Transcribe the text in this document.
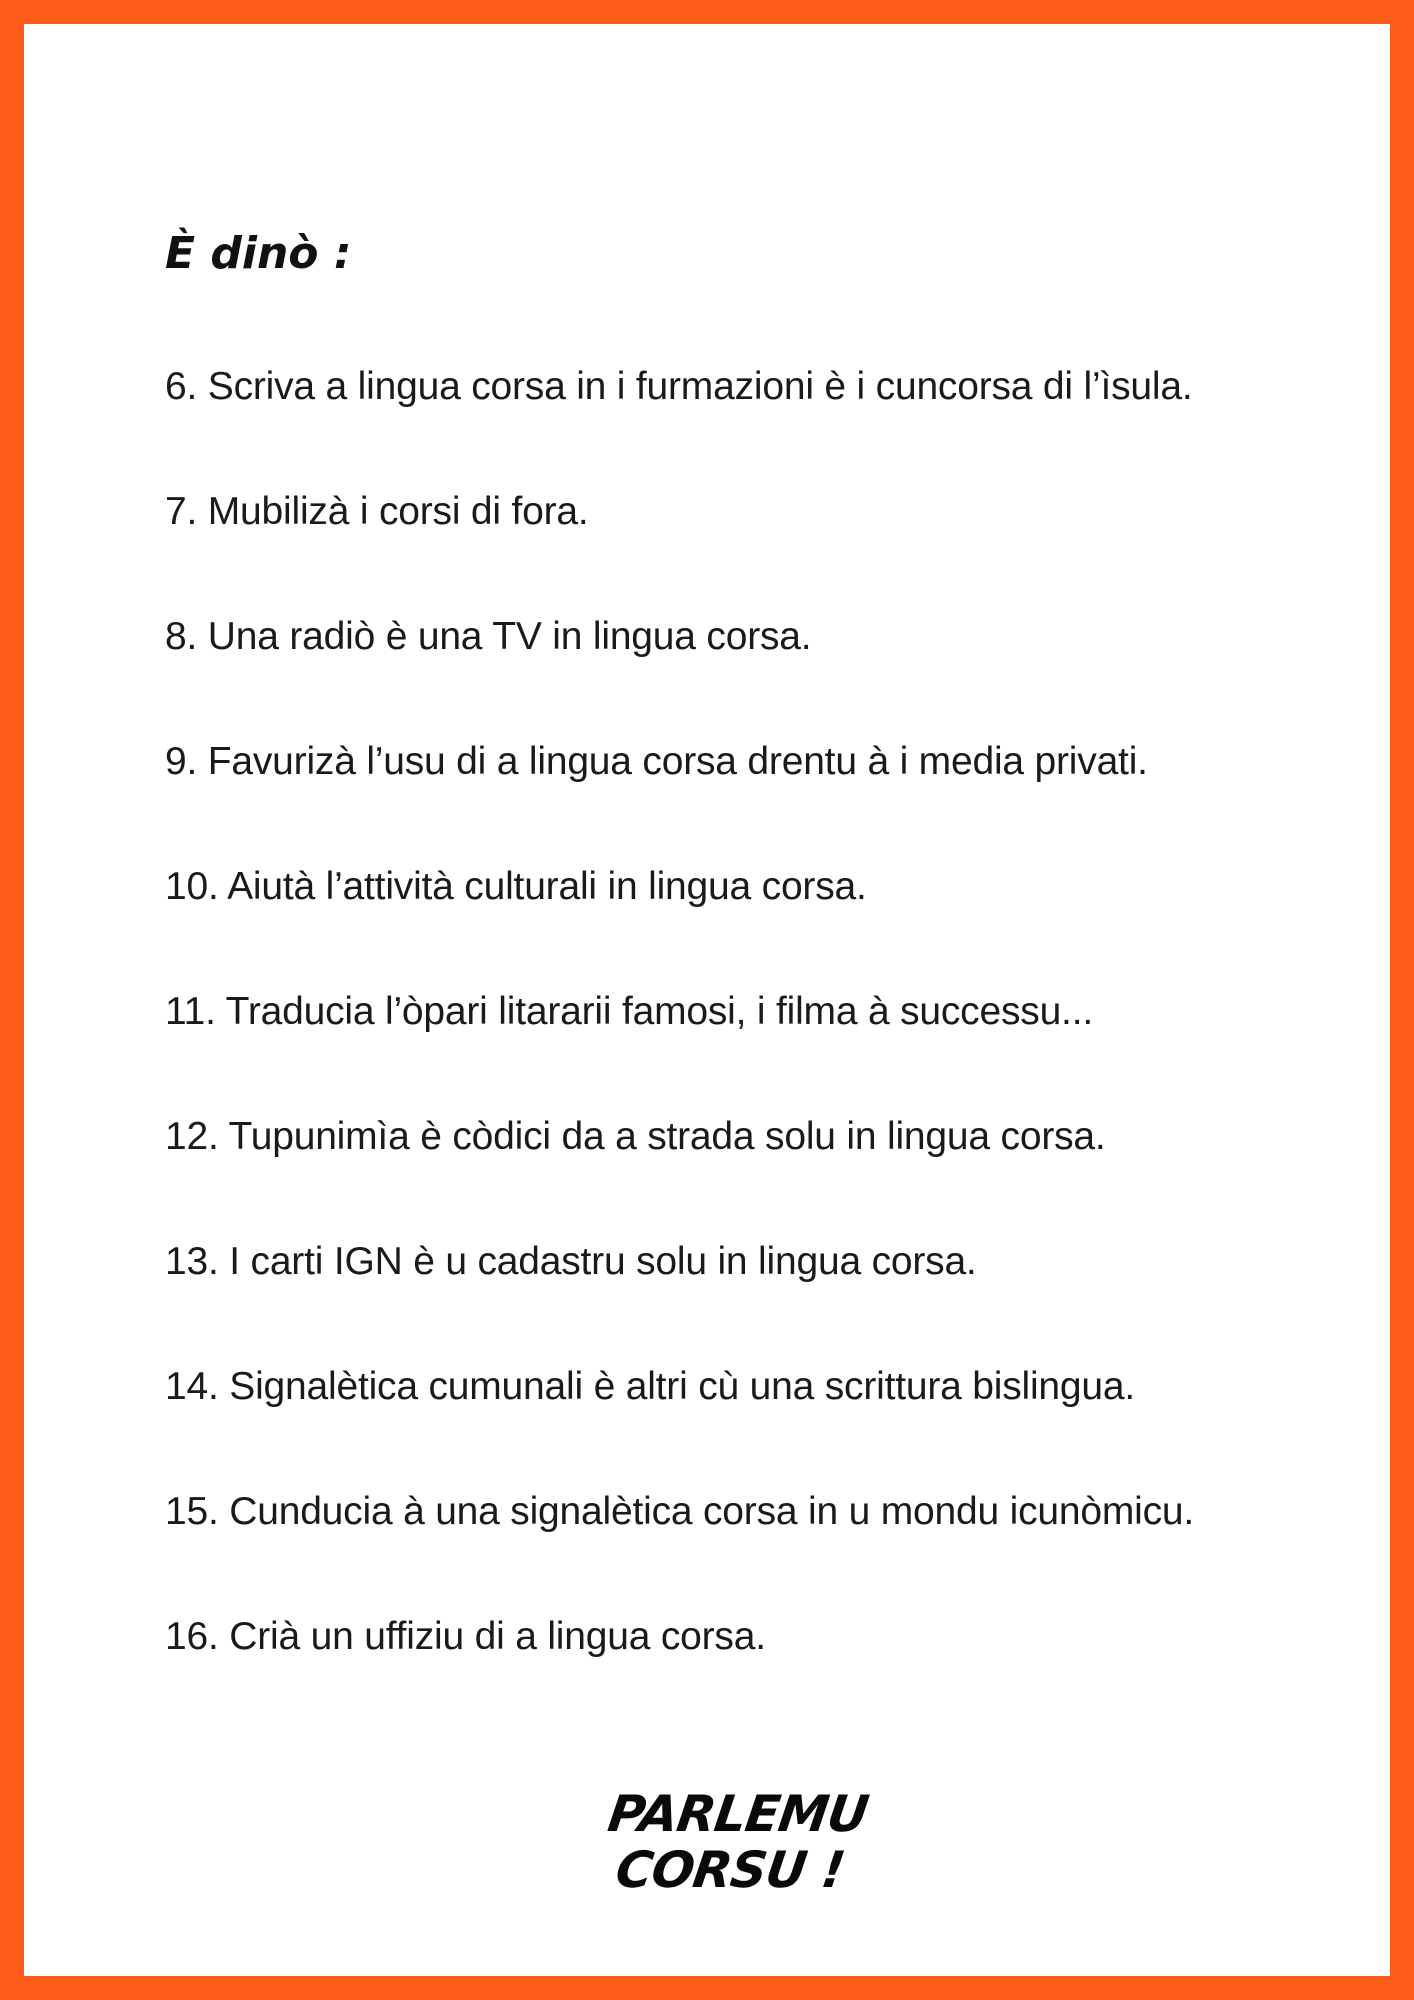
È dinò :
6. Scriva a lingua corsa in i furmazioni è i cuncorsa di l’ìsula.
7. Mubilizà i corsi di fora.
8. Una radiò è una TV in lingua corsa.
9. Favurizà l’usu di a lingua corsa drentu à i media privati.
10. Aiutà l’attività culturali in lingua corsa.
11. Traducia l’òpari litararii famosi, i filma à successu...
12. Tupunimìa è còdici da a strada solu in lingua corsa.
13. I carti IGN è u cadastru solu in lingua corsa.
14. Signalètica cumunali è altri cù una scrittura bislingua.
15. Cunducia à una signalètica corsa in u mondu icunòmicu.
16. Crià un uffiziu di a lingua corsa.
PARLEMU
CORSU !
